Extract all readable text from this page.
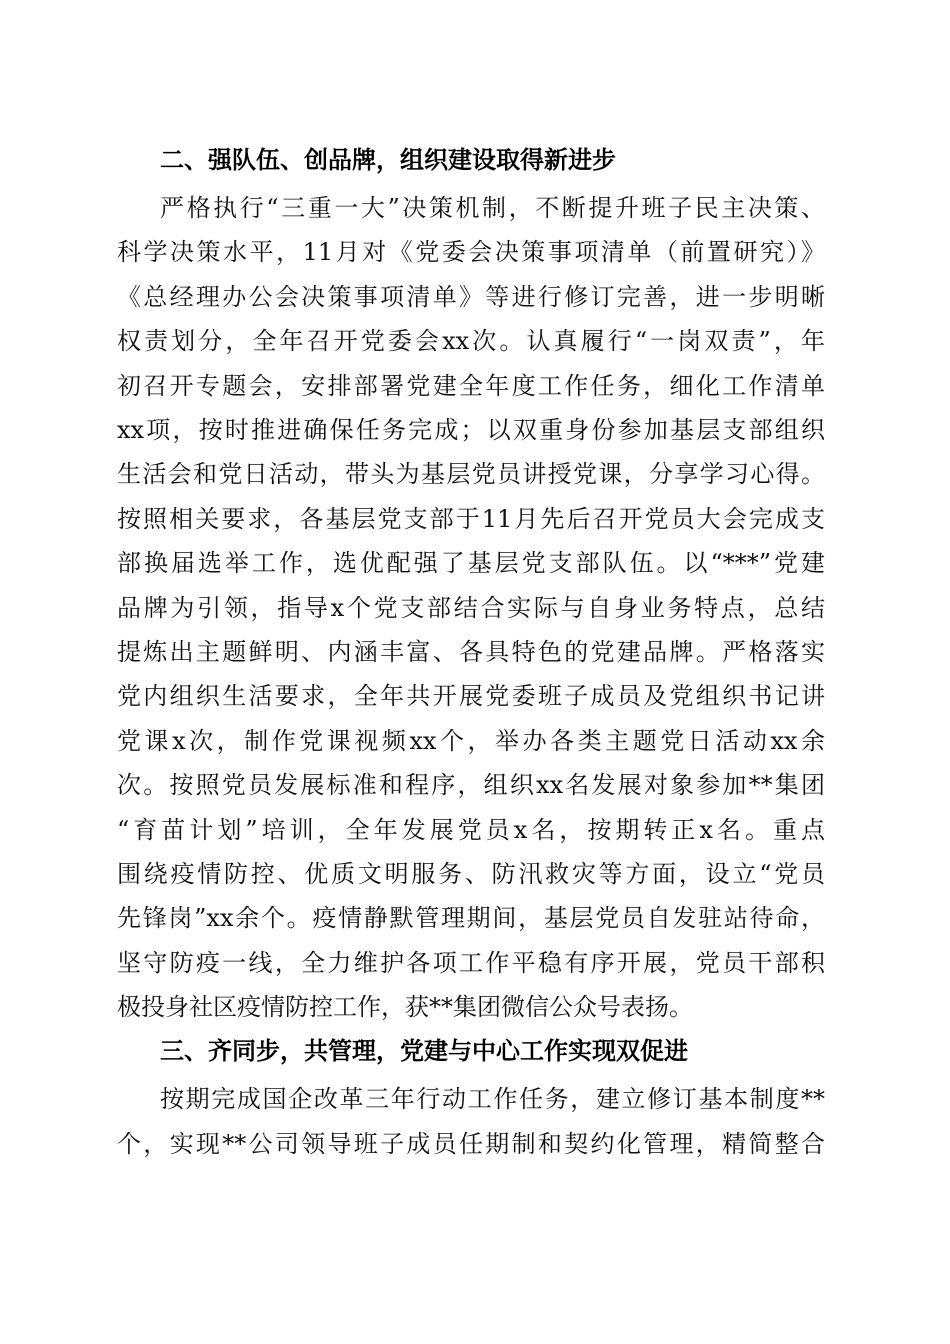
二、强队伍、创品牌，组织建设取得新进步
严格执行“三重一大”决策机制，不断提升班子民主决策、
科学决策水平，11月对《党委会决策事项清单（前置研究）》
《总经理办公会决策事项清单》等进行修订完善，进一步明晰
权责划分，全年召开党委会xx次。认真履行“一岗双责”，年
初召开专题会，安排部署党建全年度工作任务，细化工作清单
xx项，按时推进确保任务完成；以双重身份参加基层支部组织
生活会和党日活动，带头为基层党员讲授党课，分享学习心得。
按照相关要求，各基层党支部于11月先后召开党员大会完成支
部换届选举工作，选优配强了基层党支部队伍。以“***”党建
品牌为引领，指导x个党支部结合实际与自身业务特点，总结
提炼出主题鲜明、内涵丰富、各具特色的党建品牌。严格落实
党内组织生活要求，全年共开展党委班子成员及党组织书记讲
党课x次，制作党课视频xx个，举办各类主题党日活动xx余
次。按照党员发展标准和程序，组织xx名发展对象参加**集团
“育苗计划”培训，全年发展党员x名，按期转正x名。重点
围绕疫情防控、优质文明服务、防汛救灾等方面，设立“党员
先锋岗”xx余个。疫情静默管理期间，基层党员自发驻站待命，
坚守防疫一线，全力维护各项工作平稳有序开展，党员干部积
极投身社区疫情防控工作，获**集团微信公众号表扬。
三、齐同步，共管理，党建与中心工作实现双促进
按期完成国企改革三年行动工作任务，建立修订基本制度**
个，实现**公司领导班子成员任期制和契约化管理，精简整合
